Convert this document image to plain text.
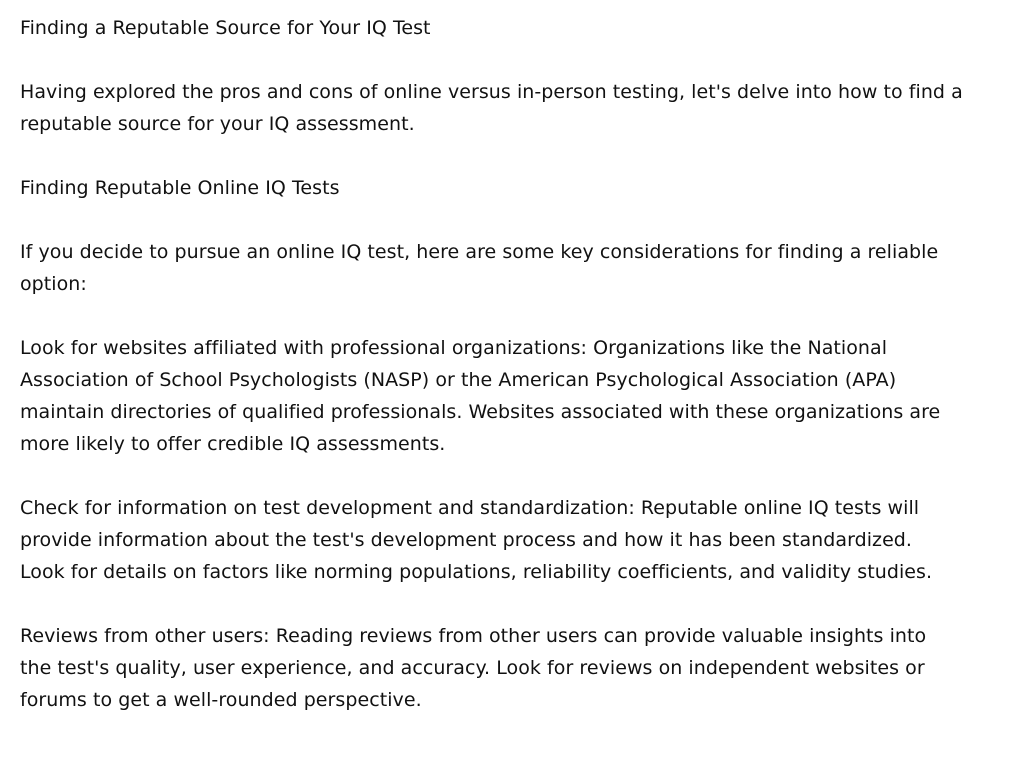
Finding a Reputable Source for Your IQ Test

Having explored the pros and cons of online versus in-person testing, let's delve into how to find a
reputable source for your IQ assessment.

Finding Reputable Online IQ Tests

If you decide to pursue an online IQ test, here are some key considerations for finding a reliable
option:

Look for websites affiliated with professional organizations: Organizations like the National
Association of School Psychologists (NASP) or the American Psychological Association (APA)
maintain directories of qualified professionals. Websites associated with these organizations are
more likely to offer credible IQ assessments.

Check for information on test development and standardization: Reputable online IQ tests will
provide information about the test's development process and how it has been standardized.
Look for details on factors like norming populations, reliability coefficients, and validity studies.

Reviews from other users: Reading reviews from other users can provide valuable insights into
the test's quality, user experience, and accuracy. Look for reviews on independent websites or
forums to get a well-rounded perspective.
